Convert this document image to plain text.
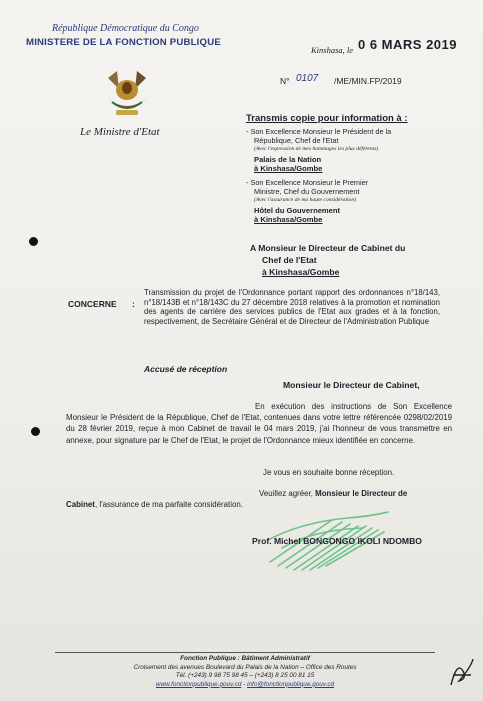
République Démocratique du Congo
MINISTERE DE LA FONCTION PUBLIQUE
Le Ministre d'Etat
Kinshasa, le 0 6 MARS 2019
N° 0107 /ME/MIN.FP/2019
Transmis copie pour information à :
- Son Excellence Monsieur le Président de la
République, Chef de l'Etat
(Avec l'expression de mes hommages les plus déférents)
Palais de la Nation
à Kinshasa/Gombe
- Son Excellence Monsieur le Premier
Ministre, Chef du Gouvernement
(Avec l'assurance de ma haute considération)
Hôtel du Gouvernement
à Kinshasa/Gombe
A Monsieur le Directeur de Cabinet du
Chef de l'Etat
à Kinshasa/Gombe
CONCERNE :
Transmission du projet de l'Ordonnance portant rapport des ordonnances n°18/143, n°18/143B et n°18/143C du 27 décembre 2018 relatives à la promotion et nomination des agents de carrière des services publics de l'Etat aux grades et à la fonction, respectivement, de Secrétaire Général et de Directeur de l'Administration Publique
Accusé de réception
Monsieur le Directeur de Cabinet,
En exécution des instructions de Son Excellence Monsieur le Président de la République, Chef de l'Etat, contenues dans votre lettre référencée 0298/02/2019 du 28 février 2019, reçue à mon Cabinet de travail le 04 mars 2019, j'ai l'honneur de vous transmettre en annexe, pour signature par le Chef de l'Etat, le projet de l'Ordonnance mieux identifiée en concerne.
Je vous en souhaite bonne réception.
Veuillez agréer, Monsieur le Directeur de
Cabinet, l'assurance de ma parfaite considération.
Prof. Michel BONGONGO IKOLI NDOMBO
Fonction Publique : Bâtiment Administratif
Croisement des avenues Boulevard du Palais de la Nation – Office des Routes
Tél. (+243) 9 98 75 98 45 – (+243) 8 25 00 81 15
www.fonctionpublique.gouv.cd - info@fonctionpublique.gouv.cd
